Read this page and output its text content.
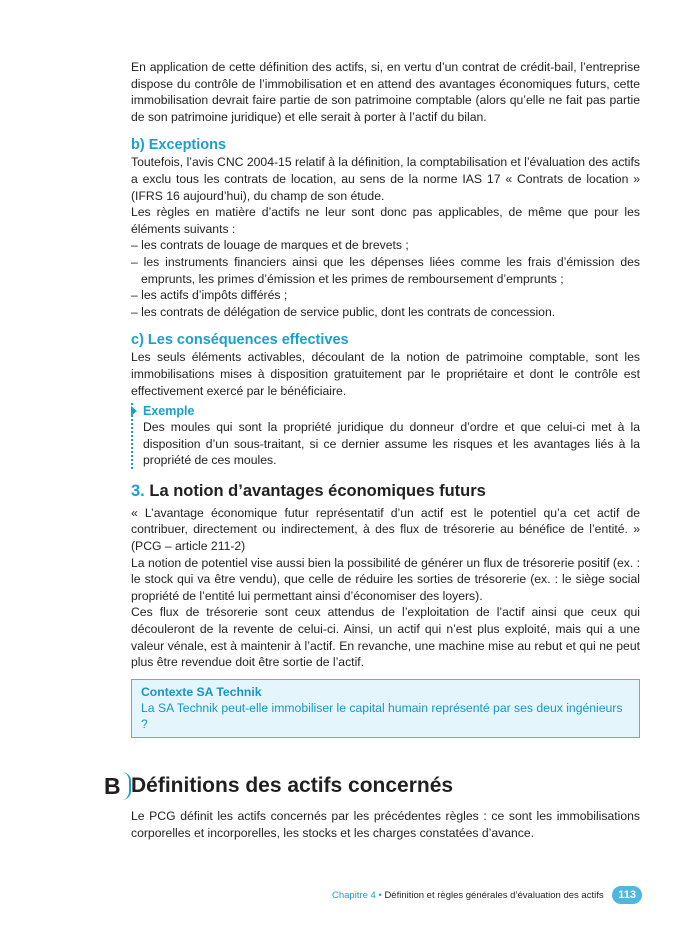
En application de cette définition des actifs, si, en vertu d’un contrat de crédit-bail, l’entreprise dispose du contrôle de l’immobilisation et en attend des avantages économiques futurs, cette immobilisation devrait faire partie de son patrimoine comptable (alors qu’elle ne fait pas partie de son patrimoine juridique) et elle serait à porter à l’actif du bilan.

b) Exceptions

Toutefois, l’avis CNC 2004-15 relatif à la définition, la comptabilisation et l’évaluation des actifs a exclu tous les contrats de location, au sens de la norme IAS 17 « Contrats de location » (IFRS 16 aujourd’hui), du champ de son étude.

Les règles en matière d’actifs ne leur sont donc pas applicables, de même que pour les éléments suivants :

– les contrats de louage de marques et de brevets ;
– les instruments financiers ainsi que les dépenses liées comme les frais d’émission des emprunts, les primes d’émission et les primes de remboursement d’emprunts ;
– les actifs d’impôts différés ;
– les contrats de délégation de service public, dont les contrats de concession.
c) Les conséquences effectives

Les seuls éléments activables, découlant de la notion de patrimoine comptable, sont les immobilisations mises à disposition gratuitement par le propriétaire et dont le contrôle est effectivement exercé par le bénéficiaire.

Exemple

Des moules qui sont la propriété juridique du donneur d’ordre et que celui-ci met à la disposition d’un sous-traitant, si ce dernier assume les risques et les avantages liés à la propriété de ces moules.

3. La notion d’avantages économiques futurs

« L’avantage économique futur représentatif d’un actif est le potentiel qu’a cet actif de contribuer, directement ou indirectement, à des flux de trésorerie au bénéfice de l’entité. » (PCG – article 211-2)

La notion de potentiel vise aussi bien la possibilité de générer un flux de trésorerie positif (ex. : le stock qui va être vendu), que celle de réduire les sorties de trésorerie (ex. : le siège social propriété de l’entité lui permettant ainsi d’économiser des loyers).

Ces flux de trésorerie sont ceux attendus de l’exploitation de l’actif ainsi que ceux qui découleront de la revente de celui-ci. Ainsi, un actif qui n’est plus exploité, mais qui a une valeur vénale, est à maintenir à l’actif. En revanche, une machine mise au rebut et qui ne peut plus être revendue doit être sortie de l’actif.

Contexte SA Technik
La SA Technik peut-elle immobiliser le capital humain représenté par ses deux ingénieurs ?
B Définitions des actifs concernés

Le PCG définit les actifs concernés par les précédentes règles : ce sont les immobilisations corporelles et incorporelles, les stocks et les charges constatées d’avance.

Chapitre 4 • Définition et règles générales d’évaluation des actifs 113
